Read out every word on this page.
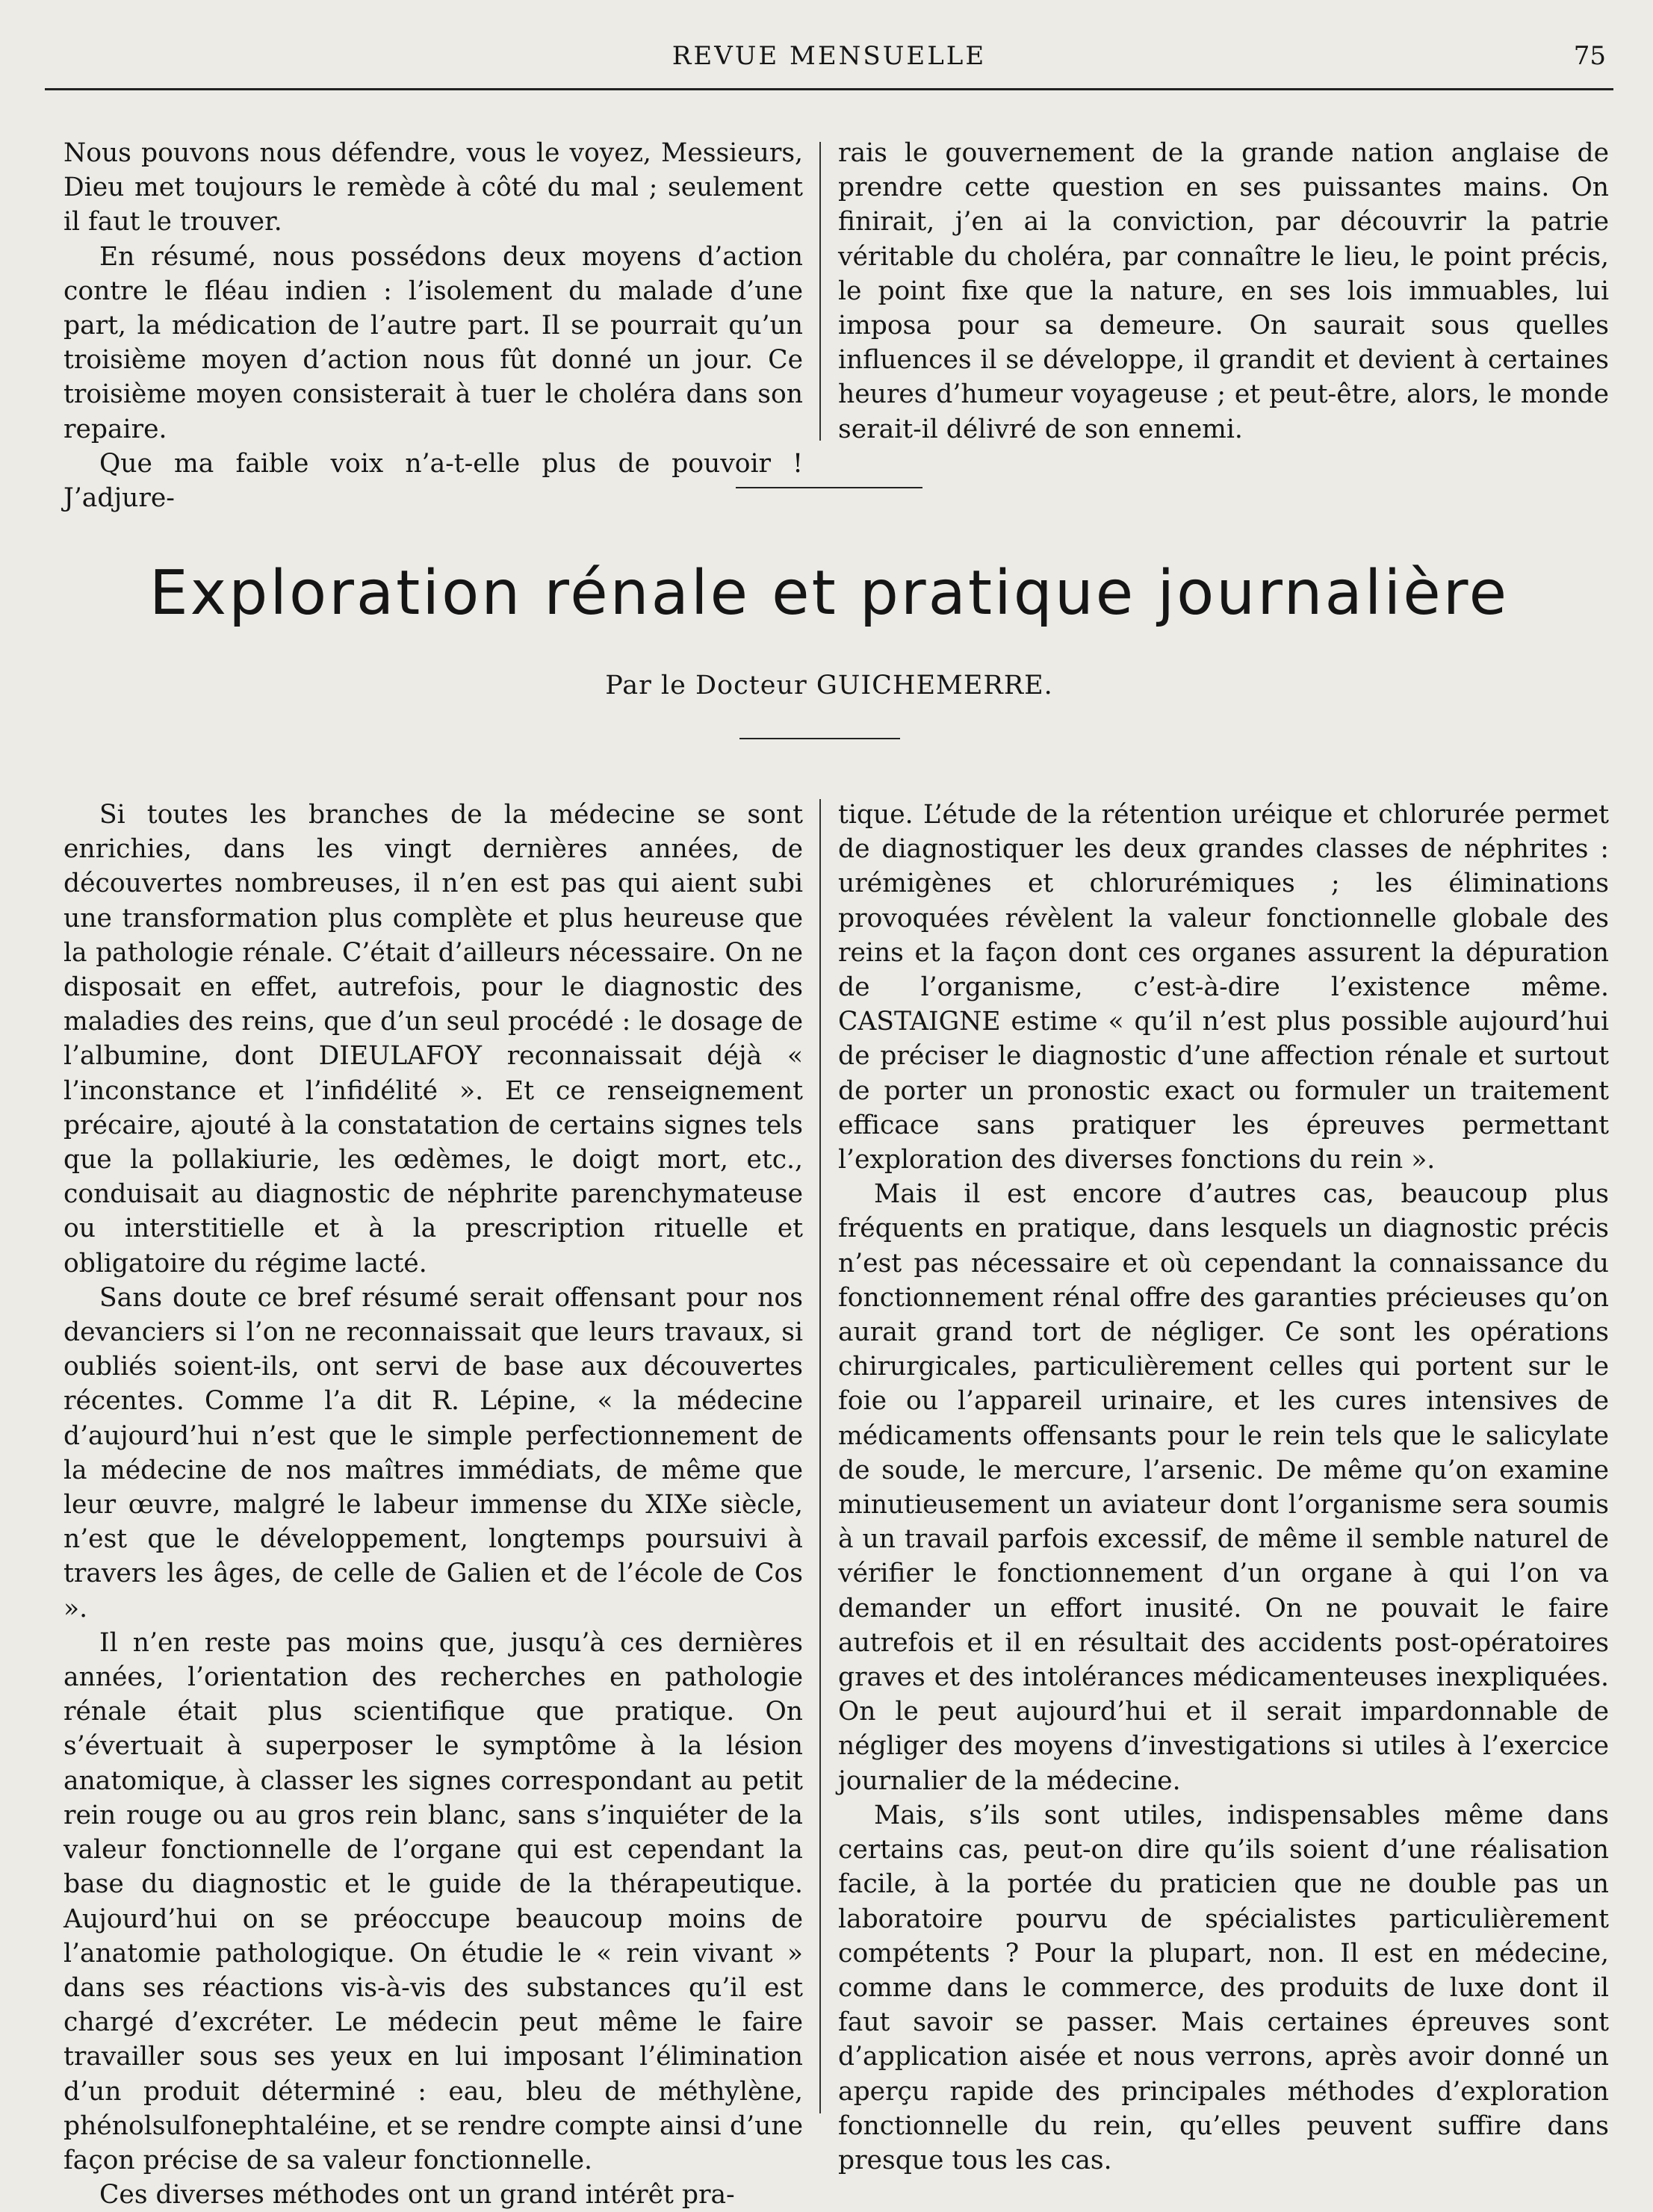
REVUE MENSUELLE	75

Nous pouvons nous défendre, vous le voyez, Messieurs, Dieu met toujours le remède à côté du mal ; seulement il faut le trouver.

En résumé, nous possédons deux moyens d’action contre le fléau indien : l’isolement du malade d’une part, la médication de l’autre part. Il se pourrait qu’un troisième moyen d’action nous fût donné un jour. Ce troisième moyen consisterait à tuer le choléra dans son repaire.

Que ma faible voix n’a-t-elle plus de pouvoir ! J’adjure-

rais le gouvernement de la grande nation anglaise de prendre cette question en ses puissantes mains. On finirait, j’en ai la conviction, par découvrir la patrie véritable du choléra, par connaître le lieu, le point précis, le point fixe que la nature, en ses lois immuables, lui imposa pour sa demeure. On saurait sous quelles influences il se développe, il grandit et devient à certaines heures d’humeur voyageuse ; et peut-être, alors, le monde serait-il délivré de son ennemi.

Exploration rénale et pratique journalière
Par le Docteur GUICHEMERRE.

Si toutes les branches de la médecine se sont enrichies, dans les vingt dernières années, de découvertes nombreuses, il n’en est pas qui aient subi une transformation plus complète et plus heureuse que la pathologie rénale. C’était d’ailleurs nécessaire. On ne disposait en effet, autrefois, pour le diagnostic des maladies des reins, que d’un seul procédé : le dosage de l’albumine, dont DIEULAFOY reconnaissait déjà « l’inconstance et l’infidélité ». Et ce renseignement précaire, ajouté à la constatation de certains signes tels que la pollakiurie, les œdèmes, le doigt mort, etc., conduisait au diagnostic de néphrite parenchymateuse ou interstitielle et à la prescription rituelle et obligatoire du régime lacté.

Sans doute ce bref résumé serait offensant pour nos devanciers si l’on ne reconnaissait que leurs travaux, si oubliés soient-ils, ont servi de base aux découvertes récentes. Comme l’a dit R. Lépine, « la médecine d’aujourd’hui n’est que le simple perfectionnement de la médecine de nos maîtres immédiats, de même que leur œuvre, malgré le labeur immense du XIXe siècle, n’est que le développement, longtemps poursuivi à travers les âges, de celle de Galien et de l’école de Cos ».

Il n’en reste pas moins que, jusqu’à ces dernières années, l’orientation des recherches en pathologie rénale était plus scientifique que pratique. On s’évertuait à superposer le symptôme à la lésion anatomique, à classer les signes correspondant au petit rein rouge ou au gros rein blanc, sans s’inquiéter de la valeur fonctionnelle de l’organe qui est cependant la base du diagnostic et le guide de la thérapeutique. Aujourd’hui on se préoccupe beaucoup moins de l’anatomie pathologique. On étudie le « rein vivant » dans ses réactions vis-à-vis des substances qu’il est chargé d’excréter. Le médecin peut même le faire travailler sous ses yeux en lui imposant l’élimination d’un produit déterminé : eau, bleu de méthylène, phénolsulfonephtaléine, et se rendre compte ainsi d’une façon précise de sa valeur fonctionnelle.

Ces diverses méthodes ont un grand intérêt pra-

tique. L’étude de la rétention uréique et chlorurée permet de diagnostiquer les deux grandes classes de néphrites : urémigènes et chlorurémiques ; les éliminations provoquées révèlent la valeur fonctionnelle globale des reins et la façon dont ces organes assurent la dépuration de l’organisme, c’est-à-dire l’existence même. CASTAIGNE estime « qu’il n’est plus possible aujourd’hui de préciser le diagnostic d’une affection rénale et surtout de porter un pronostic exact ou formuler un traitement efficace sans pratiquer les épreuves permettant l’exploration des diverses fonctions du rein ».

Mais il est encore d’autres cas, beaucoup plus fréquents en pratique, dans lesquels un diagnostic précis n’est pas nécessaire et où cependant la connaissance du fonctionnement rénal offre des garanties précieuses qu’on aurait grand tort de négliger. Ce sont les opérations chirurgicales, particulièrement celles qui portent sur le foie ou l’appareil urinaire, et les cures intensives de médicaments offensants pour le rein tels que le salicylate de soude, le mercure, l’arsenic. De même qu’on examine minutieusement un aviateur dont l’organisme sera soumis à un travail parfois excessif, de même il semble naturel de vérifier le fonctionnement d’un organe à qui l’on va demander un effort inusité. On ne pouvait le faire autrefois et il en résultait des accidents post-opératoires graves et des intolérances médicamenteuses inexpliquées. On le peut aujourd’hui et il serait impardonnable de négliger des moyens d’investigations si utiles à l’exercice journalier de la médecine.

Mais, s’ils sont utiles, indispensables même dans certains cas, peut-on dire qu’ils soient d’une réalisation facile, à la portée du praticien que ne double pas un laboratoire pourvu de spécialistes particulièrement compétents ? Pour la plupart, non. Il est en médecine, comme dans le commerce, des produits de luxe dont il faut savoir se passer. Mais certaines épreuves sont d’application aisée et nous verrons, après avoir donné un aperçu rapide des principales méthodes d’exploration fonctionnelle du rein, qu’elles peuvent suffire dans presque tous les cas.
